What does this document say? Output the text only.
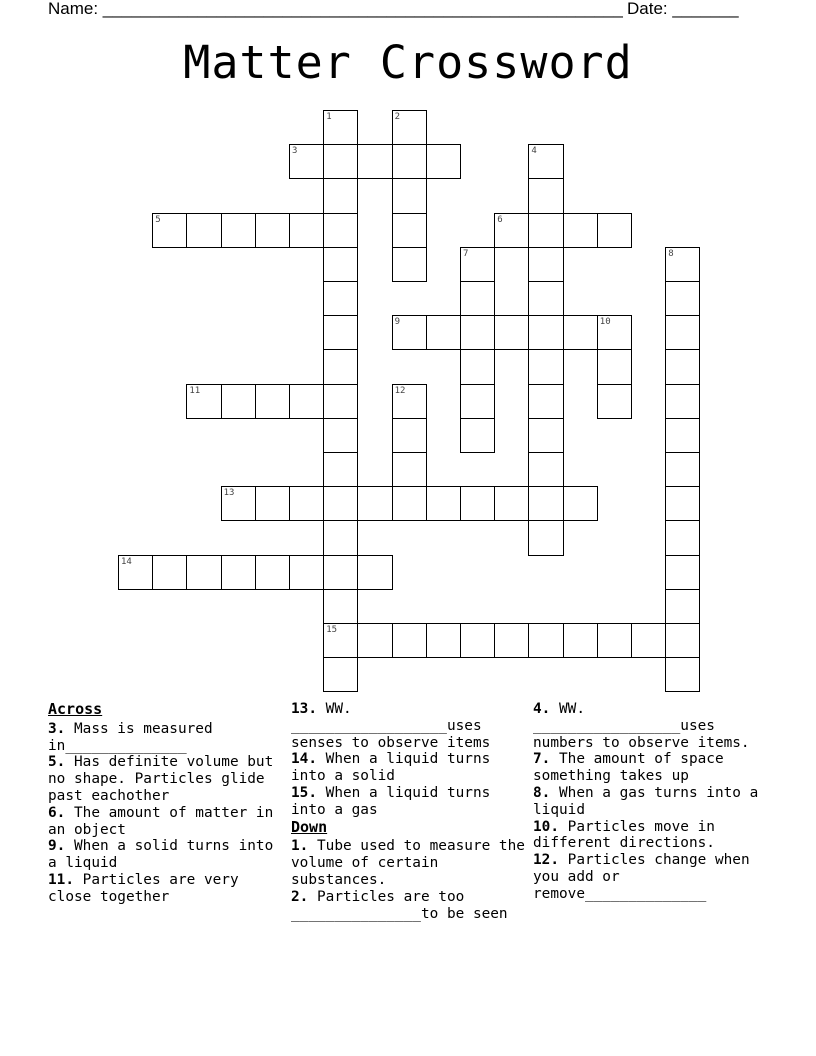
Name: _______________________________________________________ Date: _______
Matter Crossword
1
15
2
3	4
5	6
7	8
9	10
11	12
13
14
Across
3. Mass is measured in______________
5. Has definite volume but no shape. Particles glide past eachother
6. The amount of matter in an object
9. When a solid turns into a liquid
11. Particles are very close together
13. WW. __________________uses senses to observe items
14. When a liquid turns into a solid
15. When a liquid turns into a gas
Down
1. Tube used to measure the volume of certain substances.
2. Particles are too _______________to be seen
4. WW. _________________uses numbers to observe items.
7. The amount of space something takes up
8. When a gas turns into a liquid
10. Particles move in different directions.
12. Particles change when you add or remove______________
